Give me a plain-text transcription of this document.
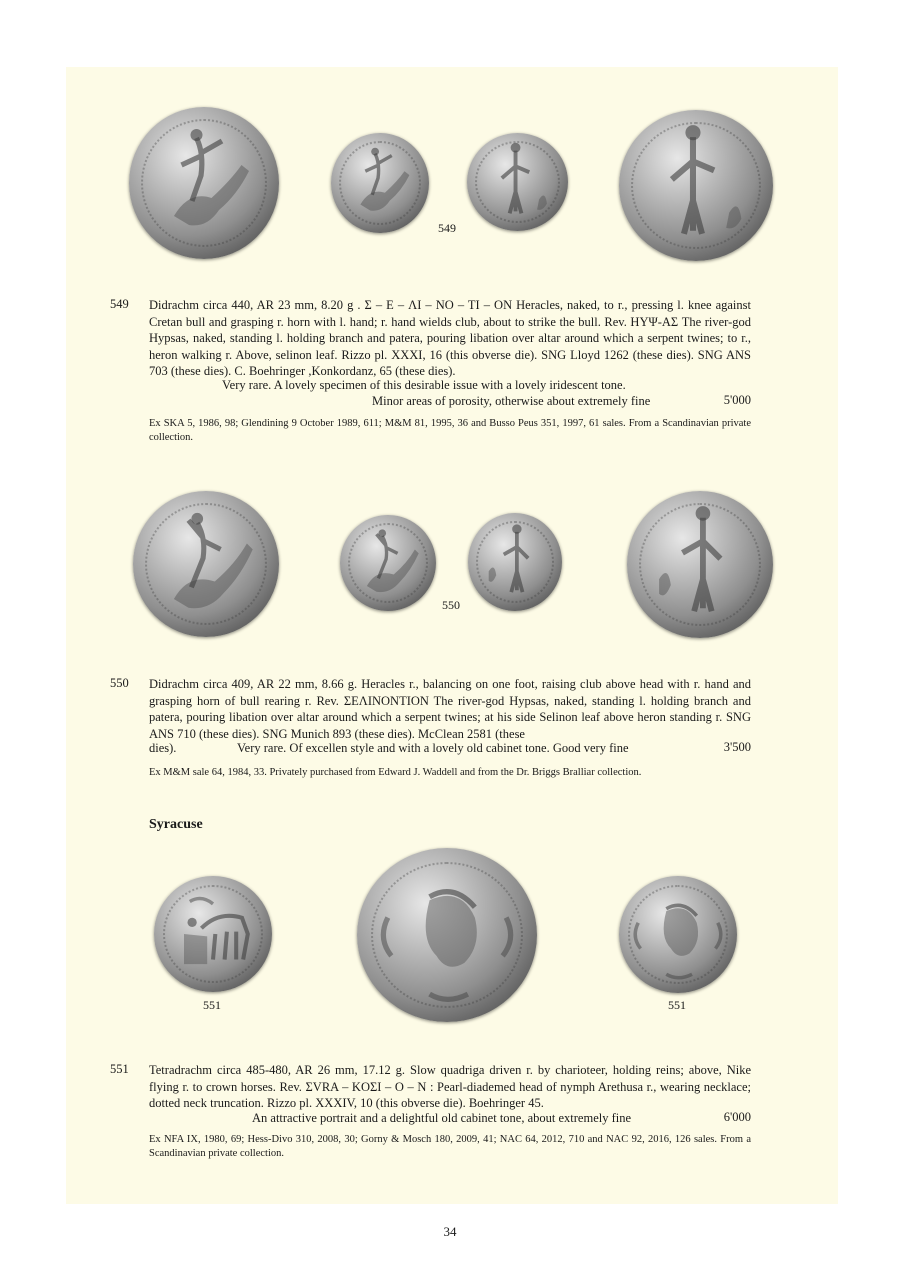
549
549 Didrachm circa 440, AR 23 mm, 8.20 g . Σ – E – ΛI – NO – TI – ON Heracles, naked, to r., pressing l. knee against Cretan bull and grasping r. horn with l. hand; r. hand wields club, about to strike the bull. Rev. HΥΨ-AΣ The river-god Hypsas, naked, standing l. holding branch and patera, pouring libation over altar around which a serpent twines; to r., heron walking r. Above, selinon leaf. Rizzo pl. XXXI, 16 (this obverse die). SNG Lloyd 1262 (these dies). SNG ANS 703 (these dies). C. Boehringer ,Konkordanz, 65 (these dies).

Very rare. A lovely specimen of this desirable issue with a lovely iridescent tone.
Minor areas of porosity, otherwise about extremely fine	5'000

Ex SKA 5, 1986, 98; Glendining 9 October 1989, 611; M&M 81, 1995, 36 and Busso Peus 351, 1997, 61 sales. From a Scandinavian private collection.

550
550 Didrachm circa 409, AR 22 mm, 8.66 g. Heracles r., balancing on one foot, raising club above head with r. hand and grasping horn of bull rearing r. Rev. ΣEΛINONTION The river-god Hypsas, naked, standing l. holding branch and patera, pouring libation over altar around which a serpent twines; at his side Selinon leaf above heron standing r. SNG ANS 710 (these dies). SNG Munich 893 (these dies). McClean 2581 (these

dies).	Very rare. Of excellen style and with a lovely old cabinet tone. Good very fine	3'500

Ex M&M sale 64, 1984, 33. Privately purchased from Edward J. Waddell and from the Dr. Briggs Bralliar collection.

Syracuse
551	551
551 Tetradrachm circa 485-480, AR 26 mm, 17.12 g. Slow quadriga driven r. by charioteer, holding reins; above, Nike flying r. to crown horses. Rev. ΣVRA – KOΣI – O – N : Pearl-diademed head of nymph Arethusa r., wearing necklace; dotted neck truncation. Rizzo pl. XXXIV, 10 (this obverse die). Boehringer 45.

An attractive portrait and a delightful old cabinet tone, about extremely fine	6'000

Ex NFA IX, 1980, 69; Hess-Divo 310, 2008, 30; Gorny & Mosch 180, 2009, 41; NAC 64, 2012, 710 and NAC 92, 2016, 126 sales. From a Scandinavian private collection.

34
